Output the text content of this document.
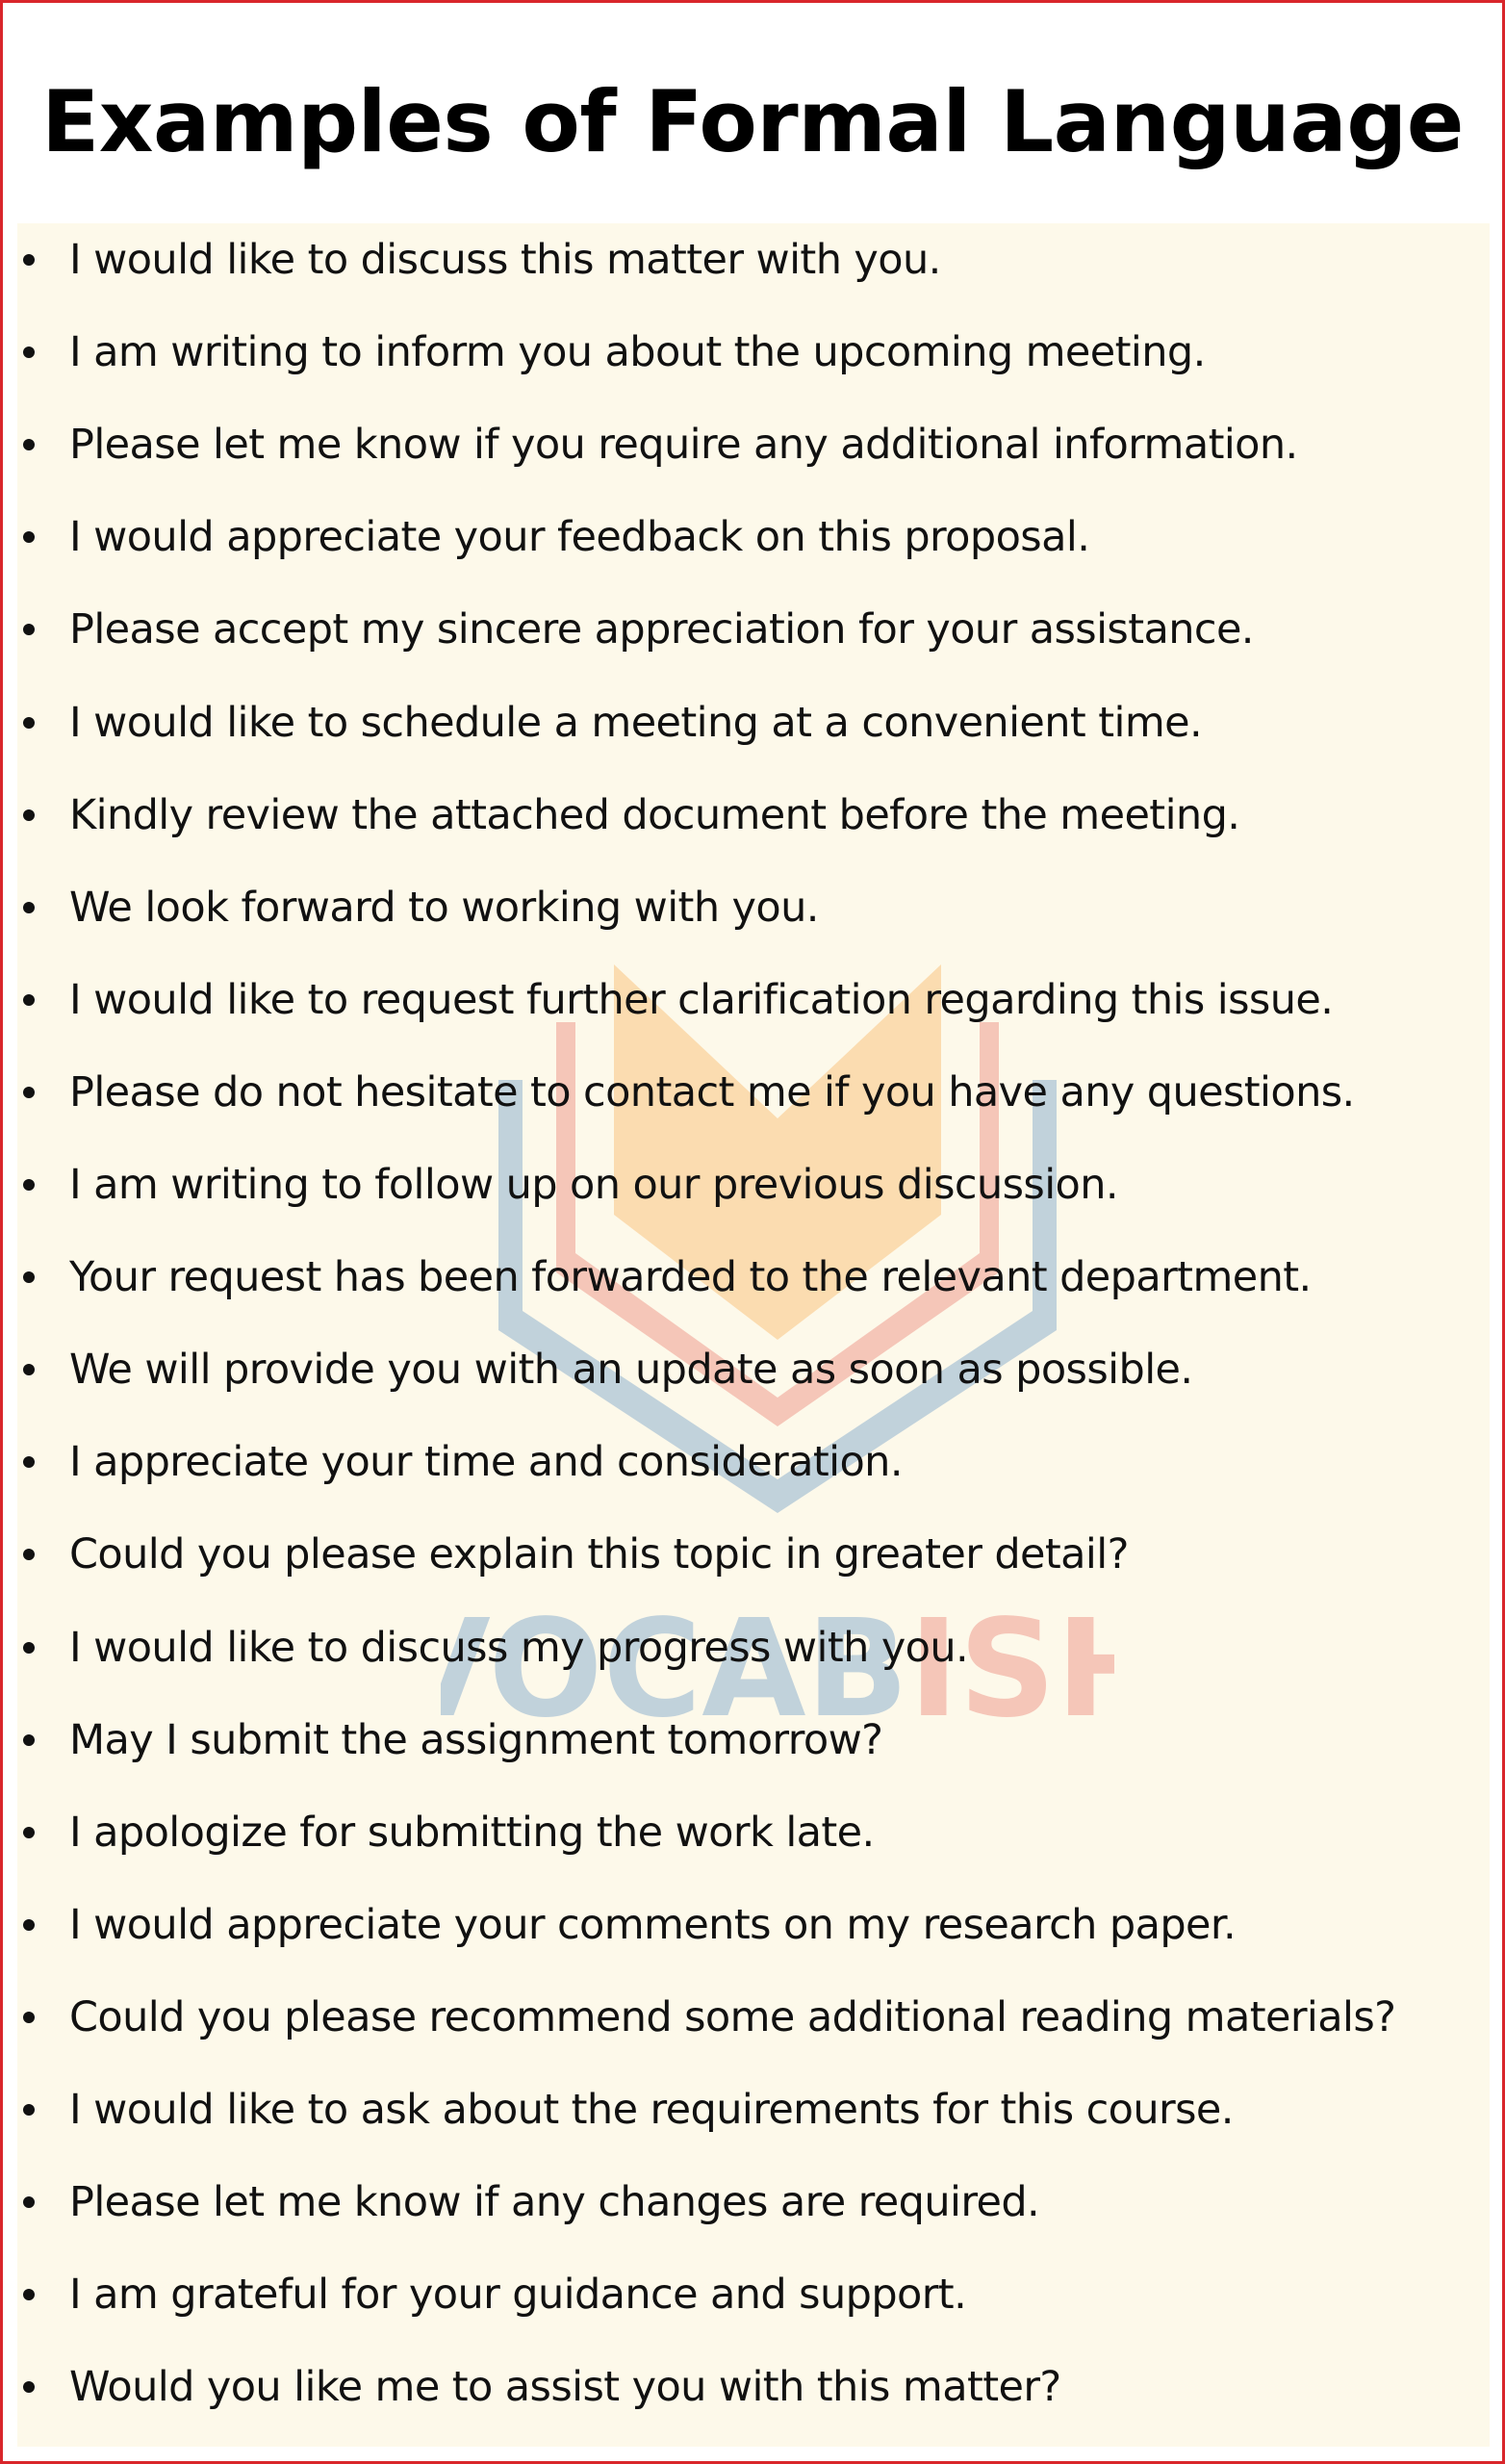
Examples of Formal Language
OCABISH
I would like to discuss this matter with you.
I am writing to inform you about the upcoming meeting.
Please let me know if you require any additional information.
I would appreciate your feedback on this proposal.
Please accept my sincere appreciation for your assistance.
I would like to schedule a meeting at a convenient time.
Kindly review the attached document before the meeting.
We look forward to working with you.
I would like to request further clarification regarding this issue.
Please do not hesitate to contact me if you have any questions.
I am writing to follow up on our previous discussion.
Your request has been forwarded to the relevant department.
We will provide you with an update as soon as possible.
I appreciate your time and consideration.
Could you please explain this topic in greater detail?
I would like to discuss my progress with you.
May I submit the assignment tomorrow?
I apologize for submitting the work late.
I would appreciate your comments on my research paper.
Could you please recommend some additional reading materials?
I would like to ask about the requirements for this course.
Please let me know if any changes are required.
I am grateful for your guidance and support.
Would you like me to assist you with this matter?
